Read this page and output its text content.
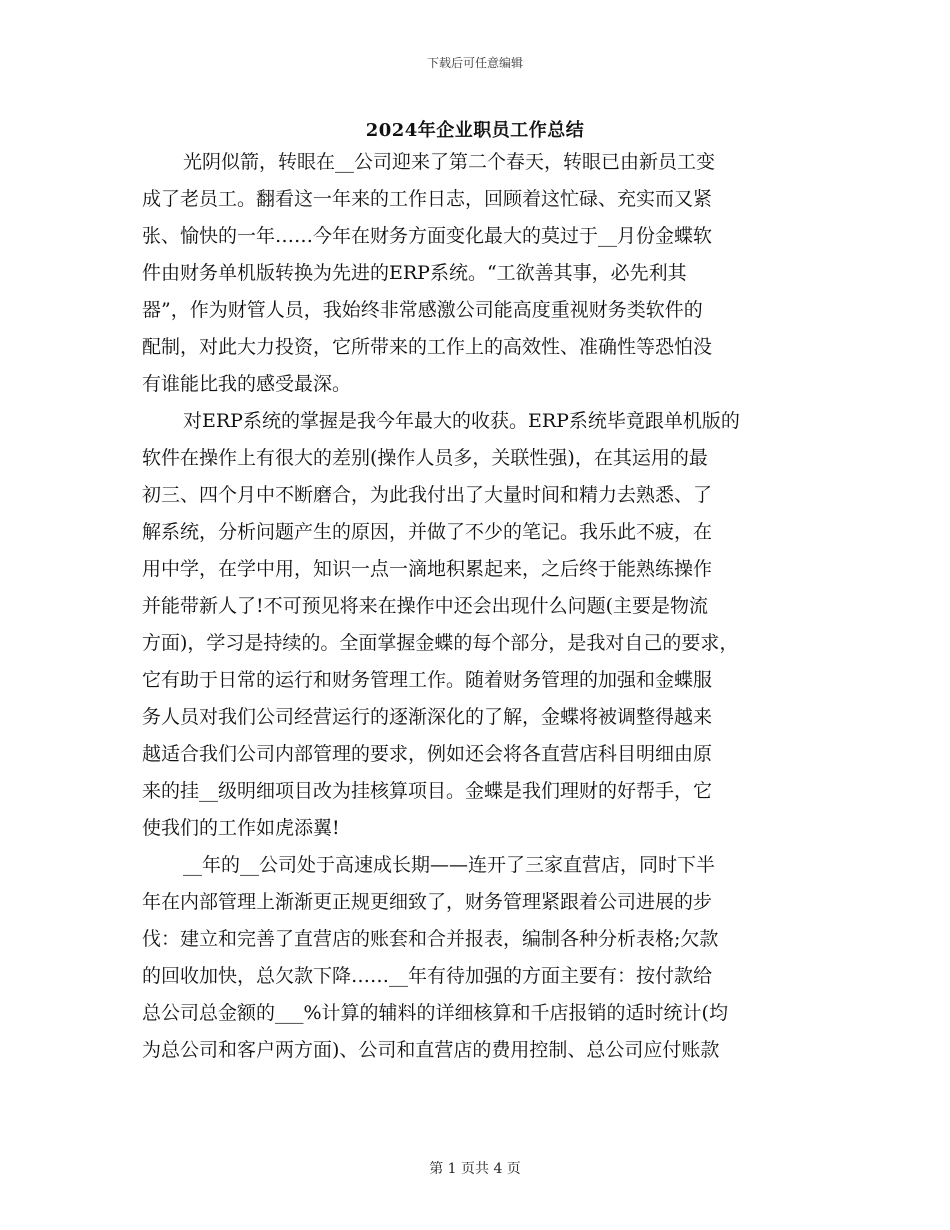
下载后可任意编辑
2024年企业职员工作总结
光阴似箭，转眼在__公司迎来了第二个春天，转眼已由新员工变
成了老员工。翻看这一年来的工作日志，回顾着这忙碌、充实而又紧
张、愉快的一年……今年在财务方面变化最大的莫过于__月份金蝶软
件由财务单机版转换为先进的ERP系统。“工欲善其事，必先利其
器”，作为财管人员，我始终非常感激公司能高度重视财务类软件的
配制，对此大力投资，它所带来的工作上的高效性、准确性等恐怕没
有谁能比我的感受最深。
对ERP系统的掌握是我今年最大的收获。ERP系统毕竟跟单机版的
软件在操作上有很大的差别(操作人员多，关联性强)，在其运用的最
初三、四个月中不断磨合，为此我付出了大量时间和精力去熟悉、了
解系统，分析问题产生的原因，并做了不少的笔记。我乐此不疲，在
用中学，在学中用，知识一点一滴地积累起来，之后终于能熟练操作
并能带新人了!不可预见将来在操作中还会出现什么问题(主要是物流
方面)，学习是持续的。全面掌握金蝶的每个部分，是我对自己的要求，
它有助于日常的运行和财务管理工作。随着财务管理的加强和金蝶服
务人员对我们公司经营运行的逐渐深化的了解，金蝶将被调整得越来
越适合我们公司内部管理的要求，例如还会将各直营店科目明细由原
来的挂__级明细项目改为挂核算项目。金蝶是我们理财的好帮手，它
使我们的工作如虎添翼!
__年的__公司处于高速成长期——连开了三家直营店，同时下半
年在内部管理上渐渐更正规更细致了，财务管理紧跟着公司进展的步
伐：建立和完善了直营店的账套和合并报表，编制各种分析表格;欠款
的回收加快，总欠款下降……__年有待加强的方面主要有：按付款给
总公司总金额的___%计算的辅料的详细核算和千店报销的适时统计(均
为总公司和客户两方面)、公司和直营店的费用控制、总公司应付账款
第 1 页共 4 页
